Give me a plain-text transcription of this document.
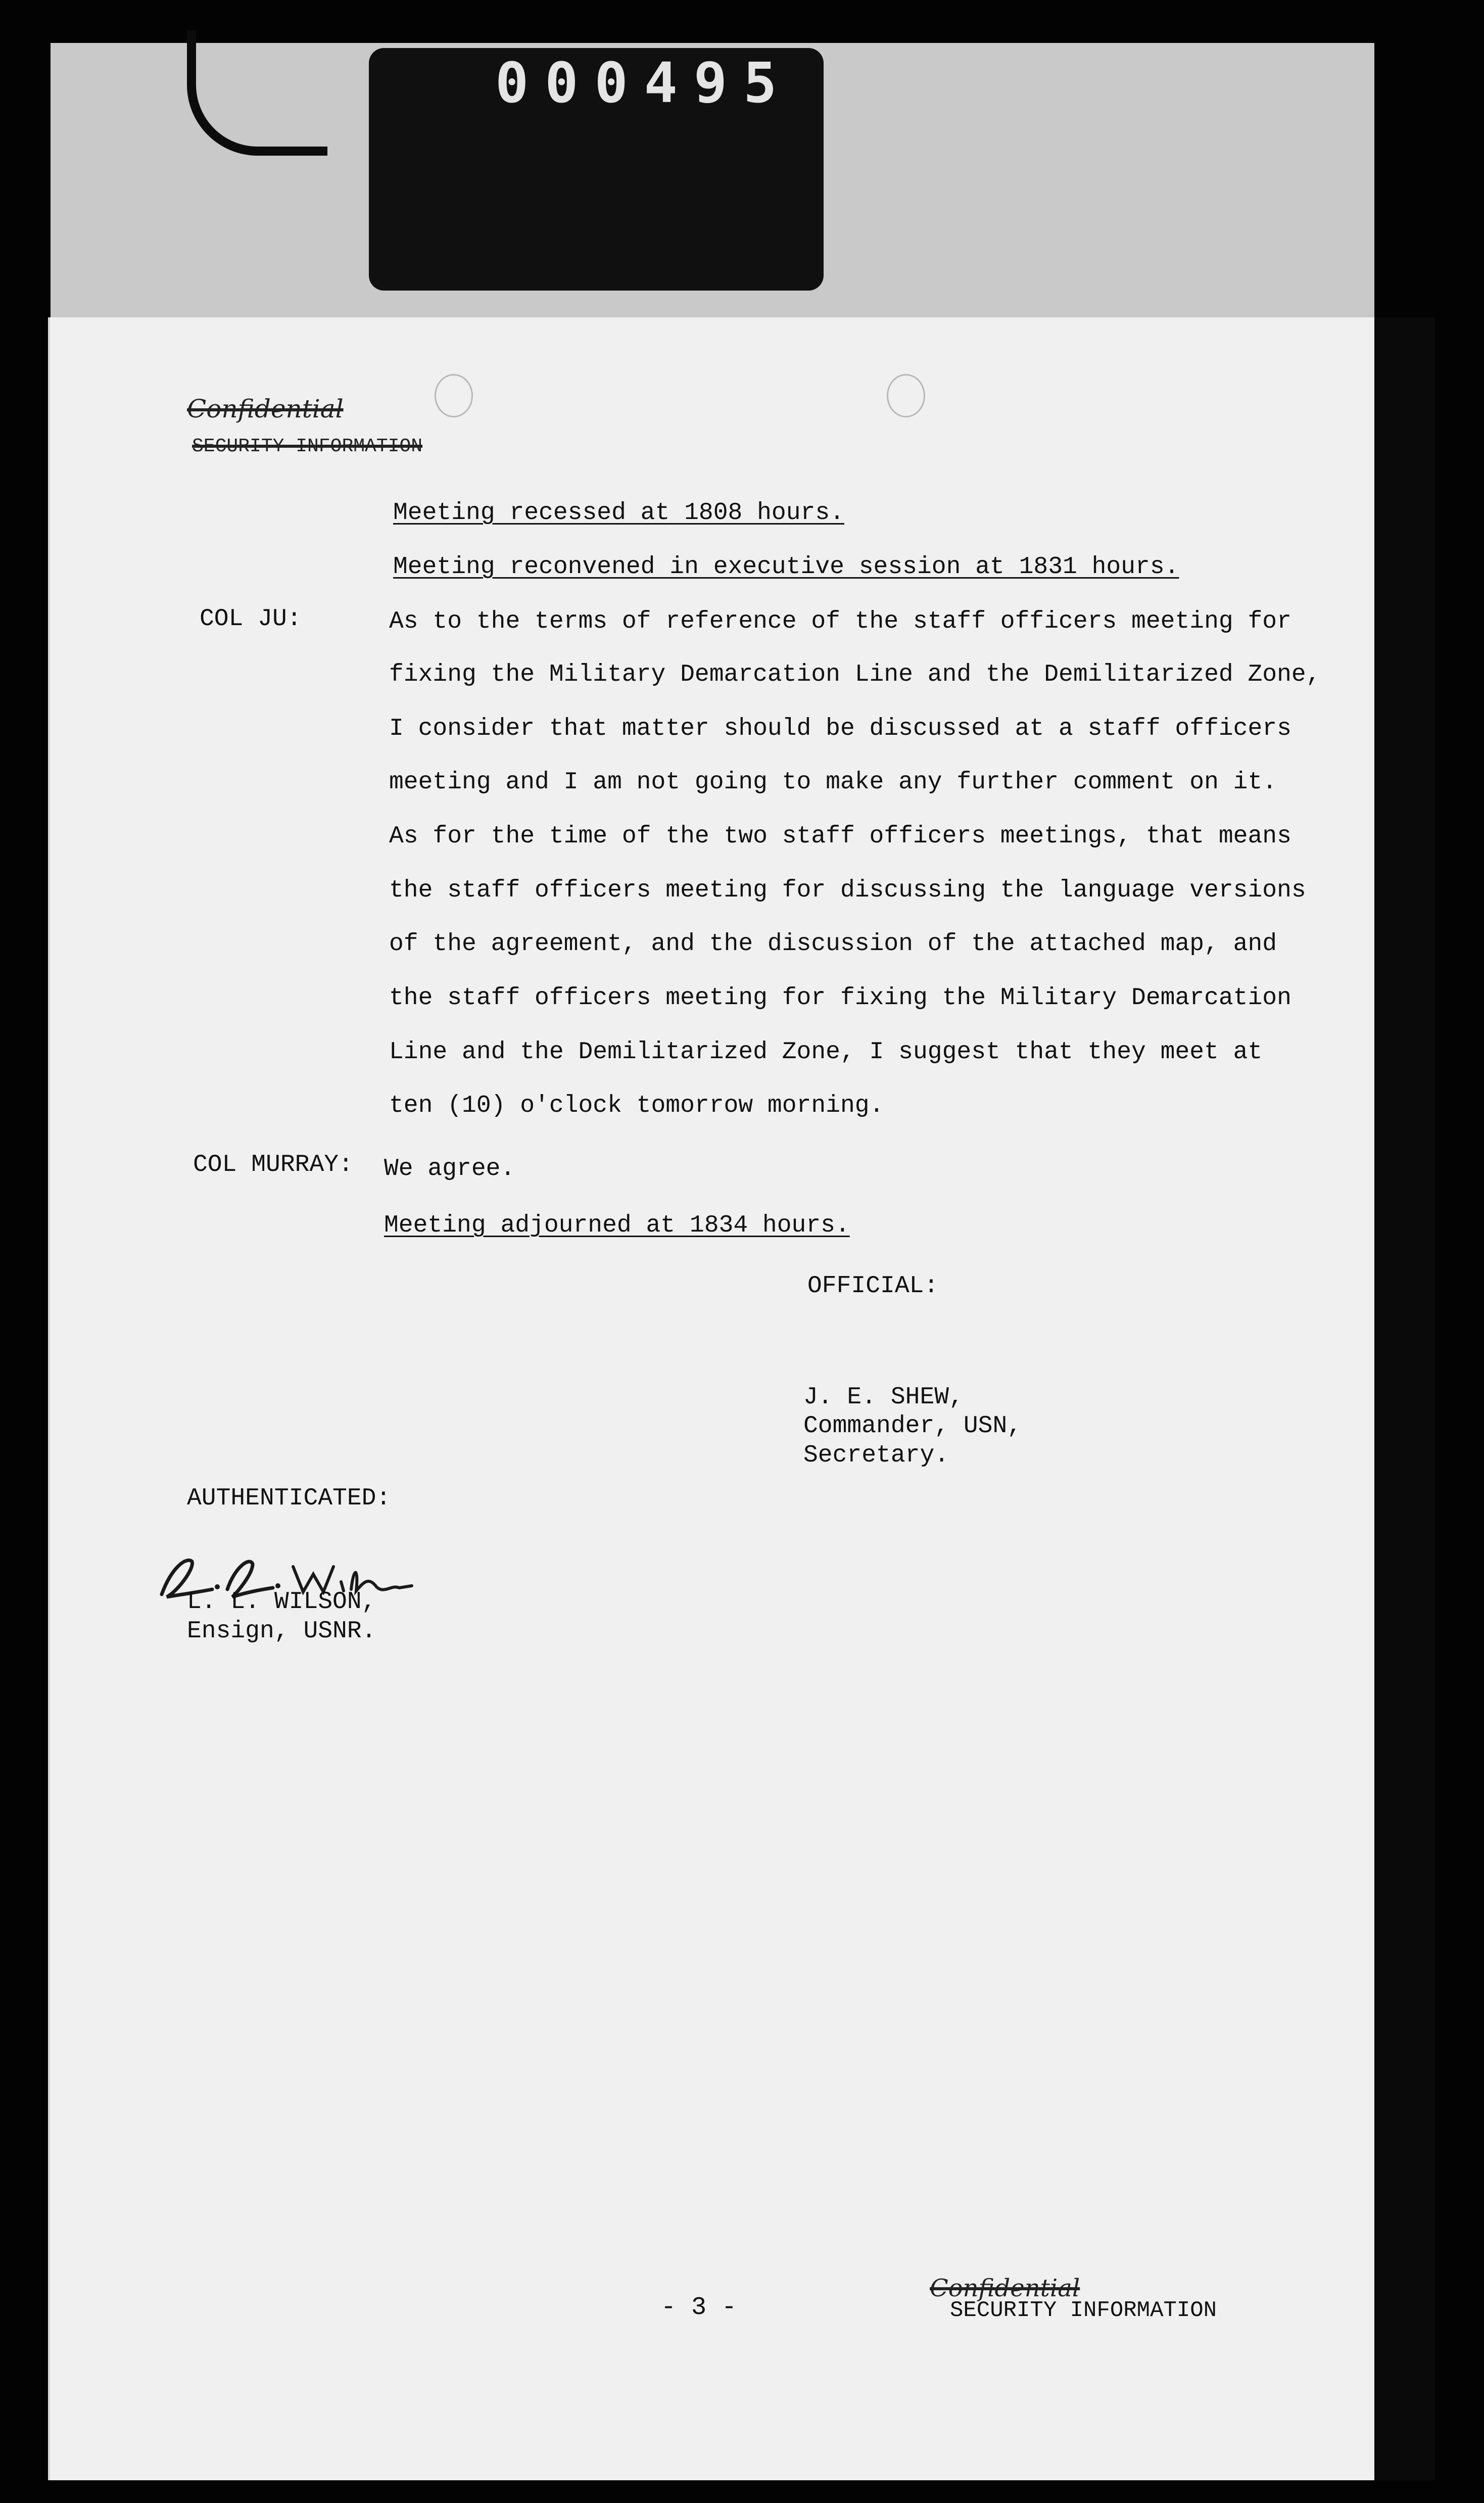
000495
Confidential
SECURITY INFORMATION
Meeting recessed at 1808 hours.
Meeting reconvened in executive session at 1831 hours.
COL JU:	As to the terms of reference of the staff officers meeting for
fixing the Military Demarcation Line and the Demilitarized Zone,
I consider that matter should be discussed at a staff officers
meeting and I am not going to make any further comment on it.
As for the time of the two staff officers meetings, that means
the staff officers meeting for discussing the language versions
of the agreement, and the discussion of the attached map, and
the staff officers meeting for fixing the Military Demarcation
Line and the Demilitarized Zone, I suggest that they meet at
ten (10) o'clock tomorrow morning.
COL MURRAY: We agree.
Meeting adjourned at 1834 hours.
OFFICIAL:
J. E. SHEW,
Commander, USN,
Secretary.
AUTHENTICATED:
L. L. WILSON,
Ensign, USNR.
- 3 -
Confidential
SECURITY INFORMATION
